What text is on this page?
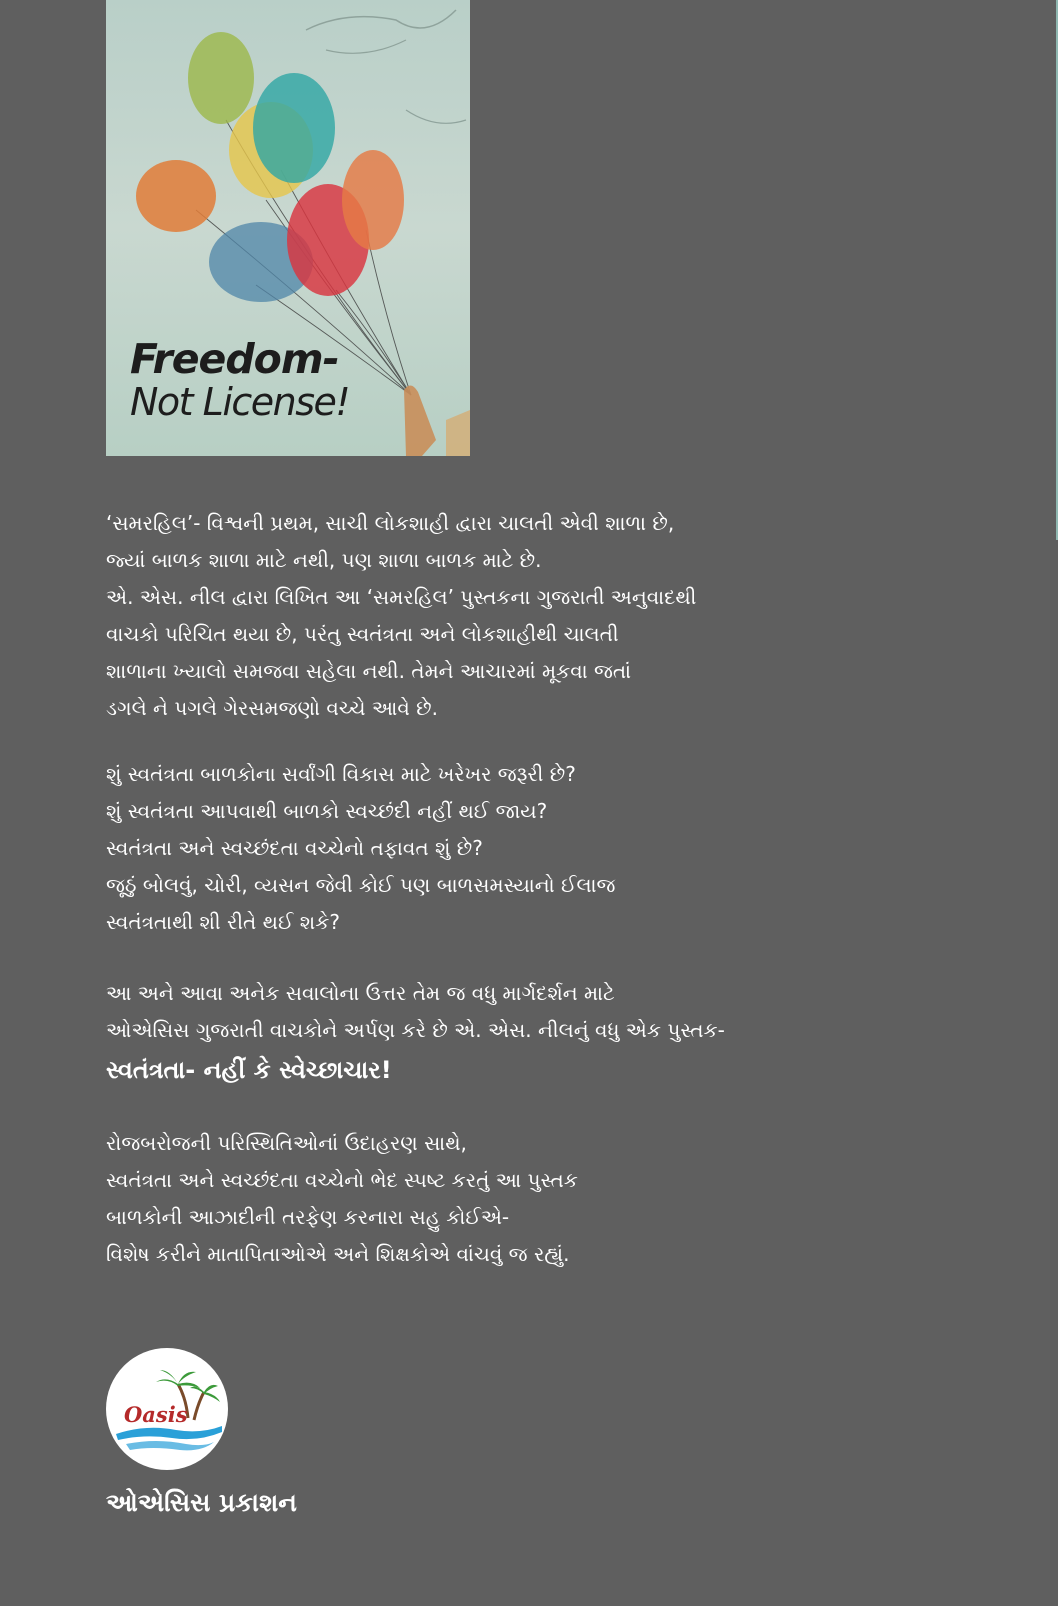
Freedom-
Not License!
‘સમરહિલ’- વિશ્વની પ્રથમ, સાચી લોકશાહી દ્વારા ચાલતી એવી શાળા છે,
જ્યાં બાળક શાળા માટે નથી, પણ શાળા બાળક માટે છે.
એ. એસ. નીલ દ્વારા લિખિત આ ‘સમરહિલ’ પુસ્તકના ગુજરાતી અનુવાદથી
વાચકો પરિચિત થયા છે, પરંતુ સ્વતંત્રતા અને લોકશાહીથી ચાલતી
શાળાના ખ્યાલો સમજવા સહેલા નથી. તેમને આચારમાં મૂકવા જતાં
ડગલે ને પગલે ગેરસમજણો વચ્ચે આવે છે.
શું સ્વતંત્રતા બાળકોના સર્વાંગી વિકાસ માટે ખરેખર જરૂરી છે?
શું સ્વતંત્રતા આપવાથી બાળકો સ્વચ્છંદી નહીં થઈ જાય?
સ્વતંત્રતા અને સ્વચ્છંદતા વચ્ચેનો તફાવત શું છે?
જૂઠું બોલવું, ચોરી, વ્યસન જેવી કોઈ પણ બાળસમસ્યાનો ઈલાજ
સ્વતંત્રતાથી શી રીતે થઈ શકે?
આ અને આવા અનેક સવાલોના ઉત્તર તેમ જ વધુ માર્ગદર્શન માટે
ઓએસિસ ગુજરાતી વાચકોને અર્પણ કરે છે એ. એસ. નીલનું વધુ એક પુસ્તક-
સ્વતંત્રતા- નહીં કે સ્વેચ્છાચાર!
રોજબરોજની પરિસ્થિતિઓનાં ઉદાહરણ સાથે,
સ્વતંત્રતા અને સ્વચ્છંદતા વચ્ચેનો ભેદ સ્પષ્ટ કરતું આ પુસ્તક
બાળકોની આઝાદીની તરફેણ કરનારા સહુ કોઈએ-
વિશેષ કરીને માતાપિતાઓએ અને શિક્ષકોએ વાંચવું જ રહ્યું.
Oasis
ઓએસિસ પ્રકાશન
